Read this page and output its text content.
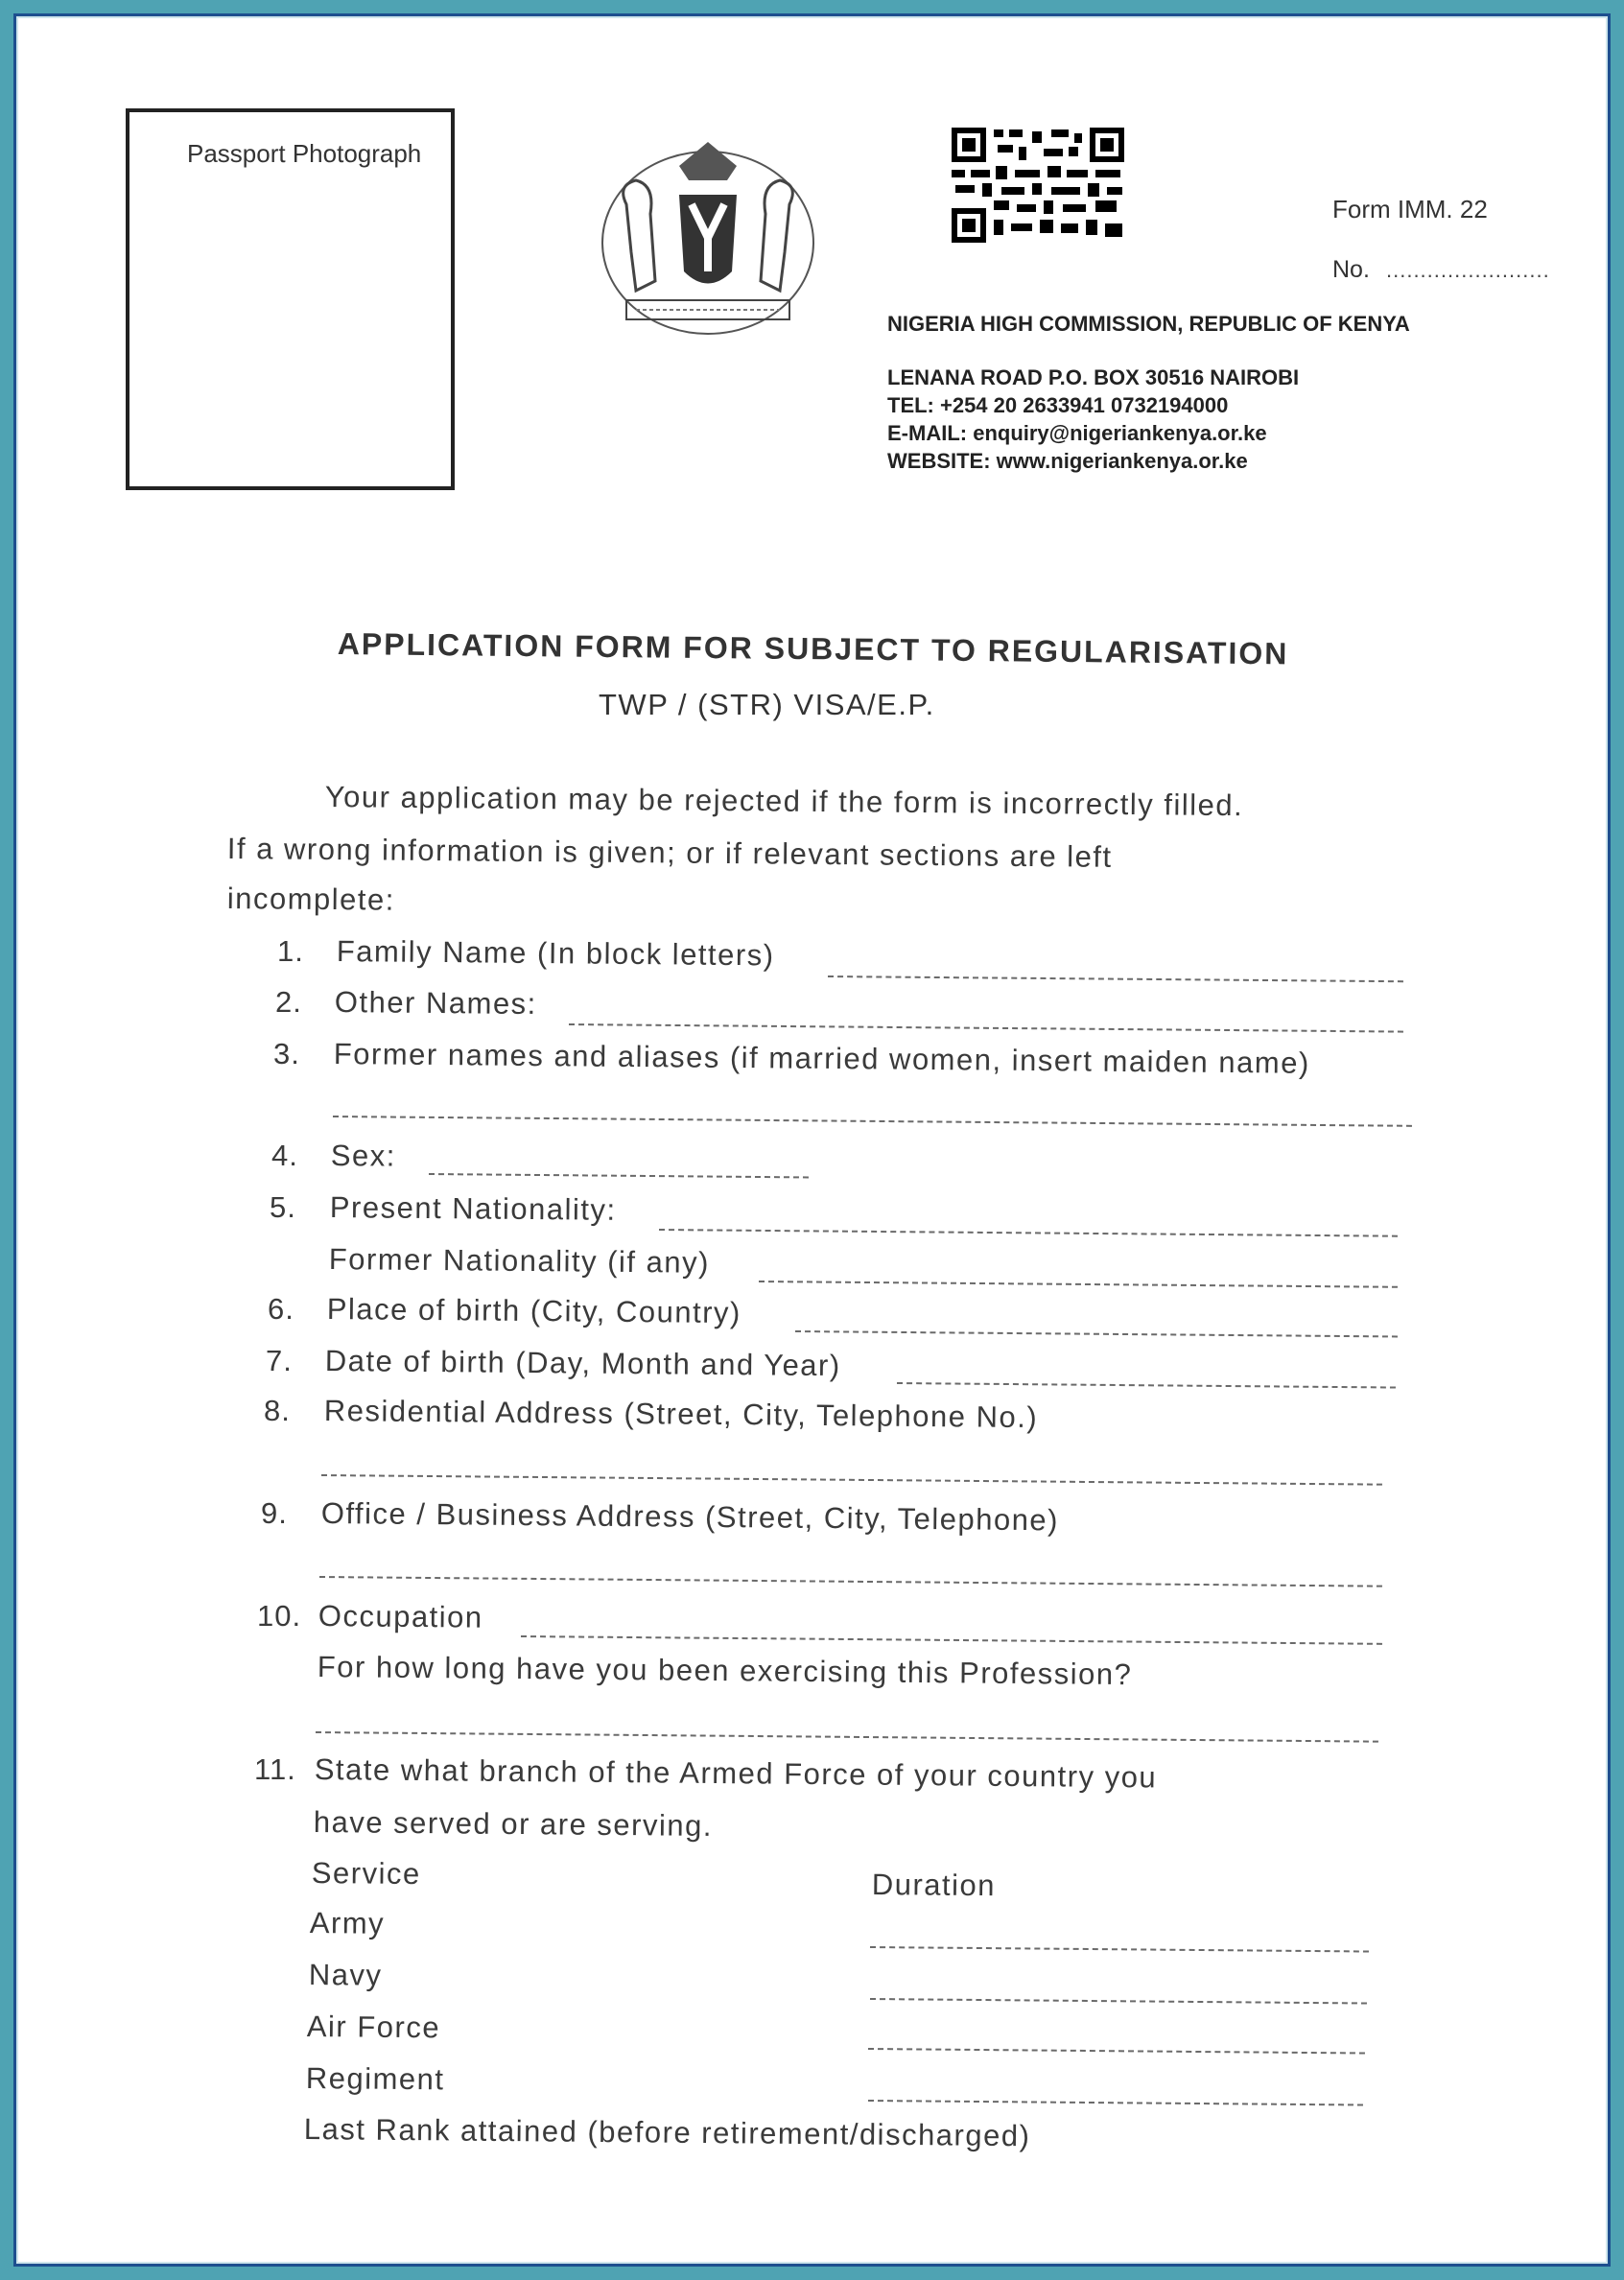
Passport Photograph
Form IMM. 22
No. ........................
NIGERIA HIGH COMMISSION, REPUBLIC OF KENYA
LENANA ROAD P.O. BOX 30516 NAIROBI
TEL: +254 20 2633941 0732194000
E-MAIL: enquiry@nigeriankenya.or.ke
WEBSITE: www.nigeriankenya.or.ke
APPLICATION FORM FOR SUBJECT TO REGULARISATION
TWP / (STR) VISA/E.P.
Your application may be rejected if the form is incorrectly filled.
If a wrong information is given; or if relevant sections are left
incomplete:
1. Family Name (In block letters)
2. Other Names:
3. Former names and aliases (if married women, insert maiden name)
4. Sex:
5. Present Nationality:
Former Nationality (if any)
6. Place of birth (City, Country)
7. Date of birth (Day, Month and Year)
8. Residential Address (Street, City, Telephone No.)
9. Office / Business Address (Street, City, Telephone)
10. Occupation
For how long have you been exercising this Profession?
11. State what branch of the Armed Force of your country you
have served or are serving.
Service	Duration
Army
Navy
Air Force
Regiment
Last Rank attained (before retirement/discharged)
